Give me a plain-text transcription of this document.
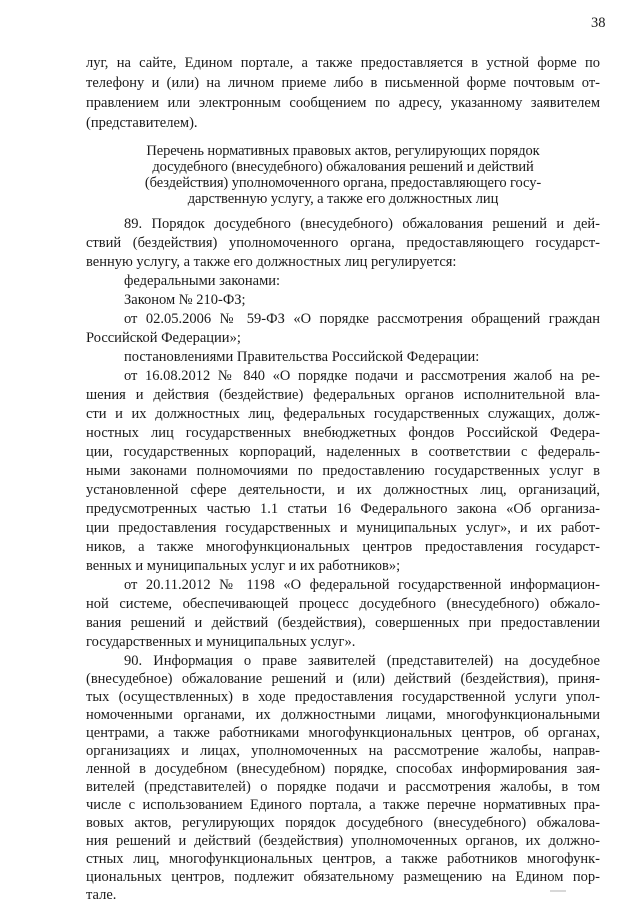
38
луг, на сайте, Едином портале, а также предоставляется в устной форме по
телефону и (или) на личном приеме либо в письменной форме почтовым от-
правлением или электронным сообщением по адресу, указанному заявителем
(представителем).
Перечень нормативных правовых актов, регулирующих порядок
досудебного (внесудебного) обжалования решений и действий
(бездействия) уполномоченного органа, предоставляющего госу-
дарственную услугу, а также его должностных лиц
89. Порядок досудебного (внесудебного) обжалования решений и дей-
ствий (бездействия) уполномоченного органа, предоставляющего государст-
венную услугу, а также его должностных лиц регулируется:
федеральными законами:
Законом № 210-ФЗ;
от 02.05.2006 № 59-ФЗ «О порядке рассмотрения обращений граждан
Российской Федерации»;
постановлениями Правительства Российской Федерации:
от 16.08.2012 № 840 «О порядке подачи и рассмотрения жалоб на ре-
шения и действия (бездействие) федеральных органов исполнительной вла-
сти и их должностных лиц, федеральных государственных служащих, долж-
ностных лиц государственных внебюджетных фондов Российской Федера-
ции, государственных корпораций, наделенных в соответствии с федераль-
ными законами полномочиями по предоставлению государственных услуг в
установленной сфере деятельности, и их должностных лиц, организаций,
предусмотренных частью 1.1 статьи 16 Федерального закона «Об организа-
ции предоставления государственных и муниципальных услуг», и их работ-
ников, а также многофункциональных центров предоставления государст-
венных и муниципальных услуг и их работников»;
от 20.11.2012 № 1198 «О федеральной государственной информацион-
ной системе, обеспечивающей процесс досудебного (внесудебного) обжало-
вания решений и действий (бездействия), совершенных при предоставлении
государственных и муниципальных услуг».
90. Информация о праве заявителей (представителей) на досудебное
(внесудебное) обжалование решений и (или) действий (бездействия), приня-
тых (осуществленных) в ходе предоставления государственной услуги упол-
номоченными органами, их должностными лицами, многофункциональными
центрами, а также работниками многофункциональных центров, об органах,
организациях и лицах, уполномоченных на рассмотрение жалобы, направ-
ленной в досудебном (внесудебном) порядке, способах информирования зая-
вителей (представителей) о порядке подачи и рассмотрения жалобы, в том
числе с использованием Единого портала, а также перечне нормативных пра-
вовых актов, регулирующих порядок досудебного (внесудебного) обжалова-
ния решений и действий (бездействия) уполномоченных органов, их должно-
стных лиц, многофункциональных центров, а также работников многофунк-
циональных центров, подлежит обязательному размещению на Едином пор-
тале.
